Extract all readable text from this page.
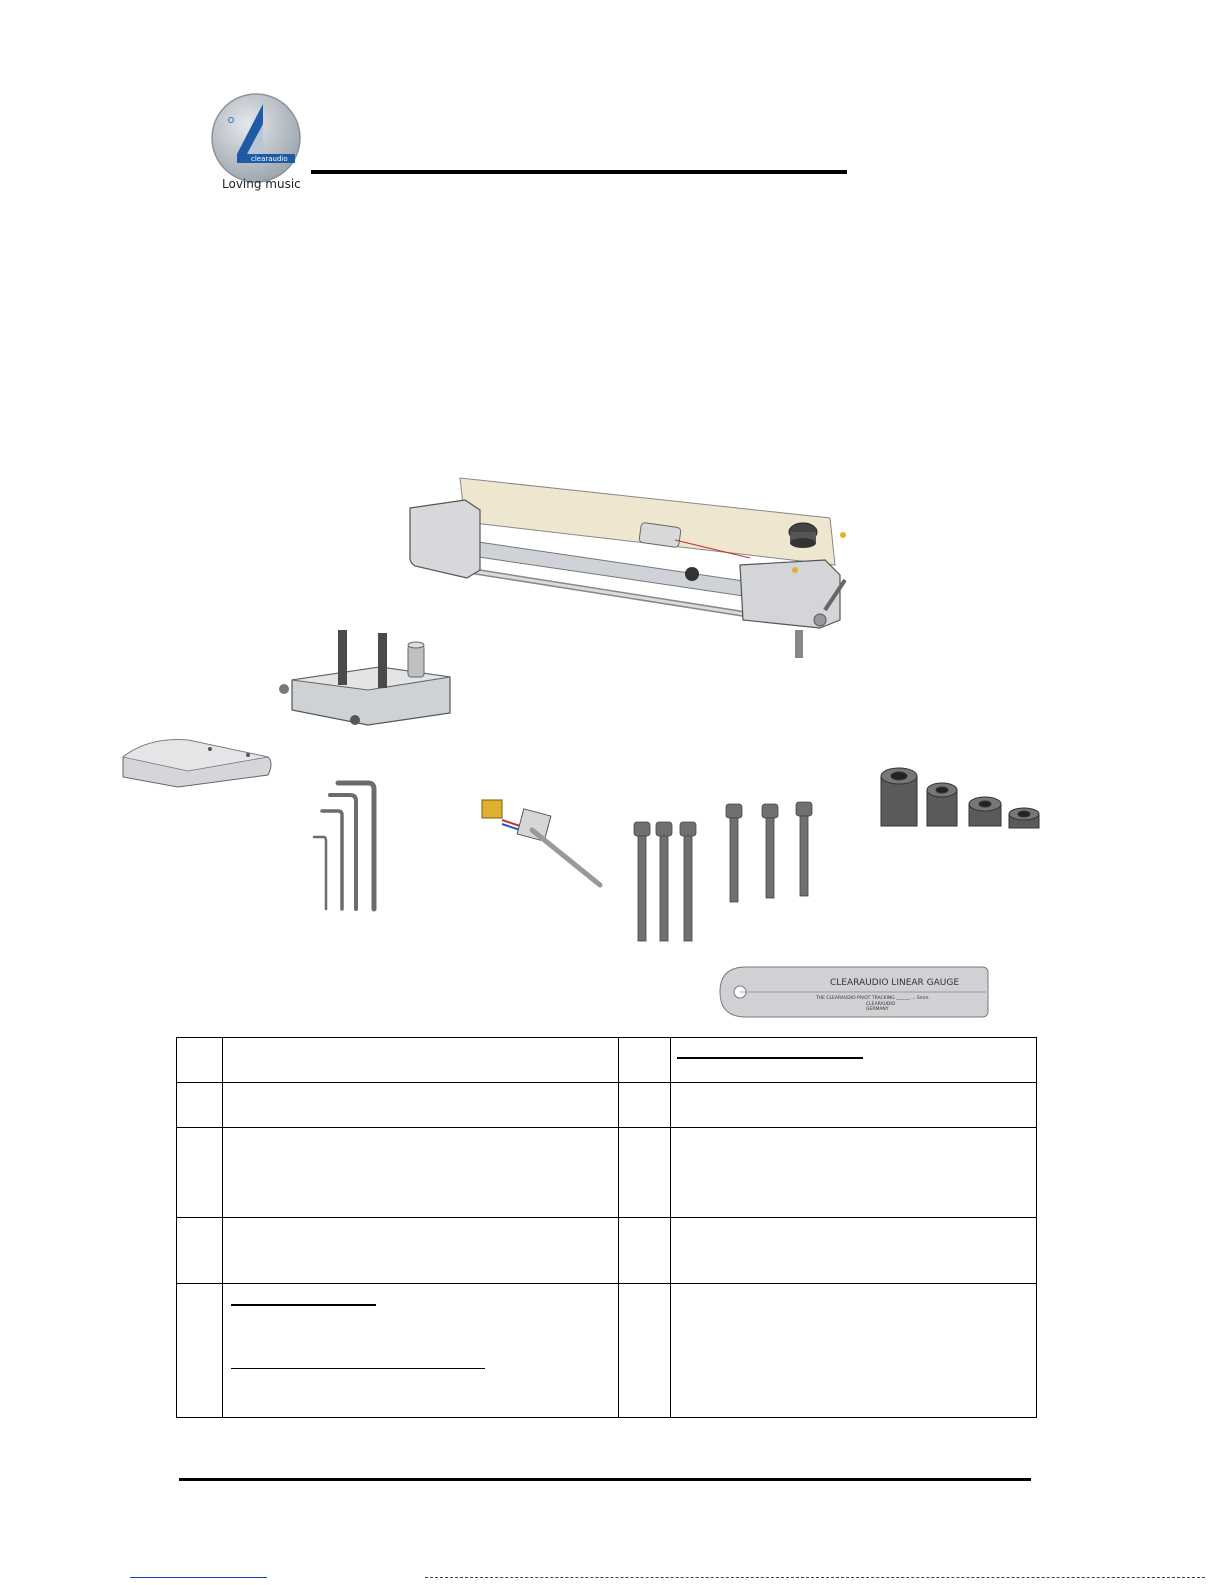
clearaudio
Loving music
CLEARAUDIO LINEAR GAUGE
THE CLEARAUDIO PIVOT TRACKING ______ ... Smm
CLEARAUDIO
GERMANY
